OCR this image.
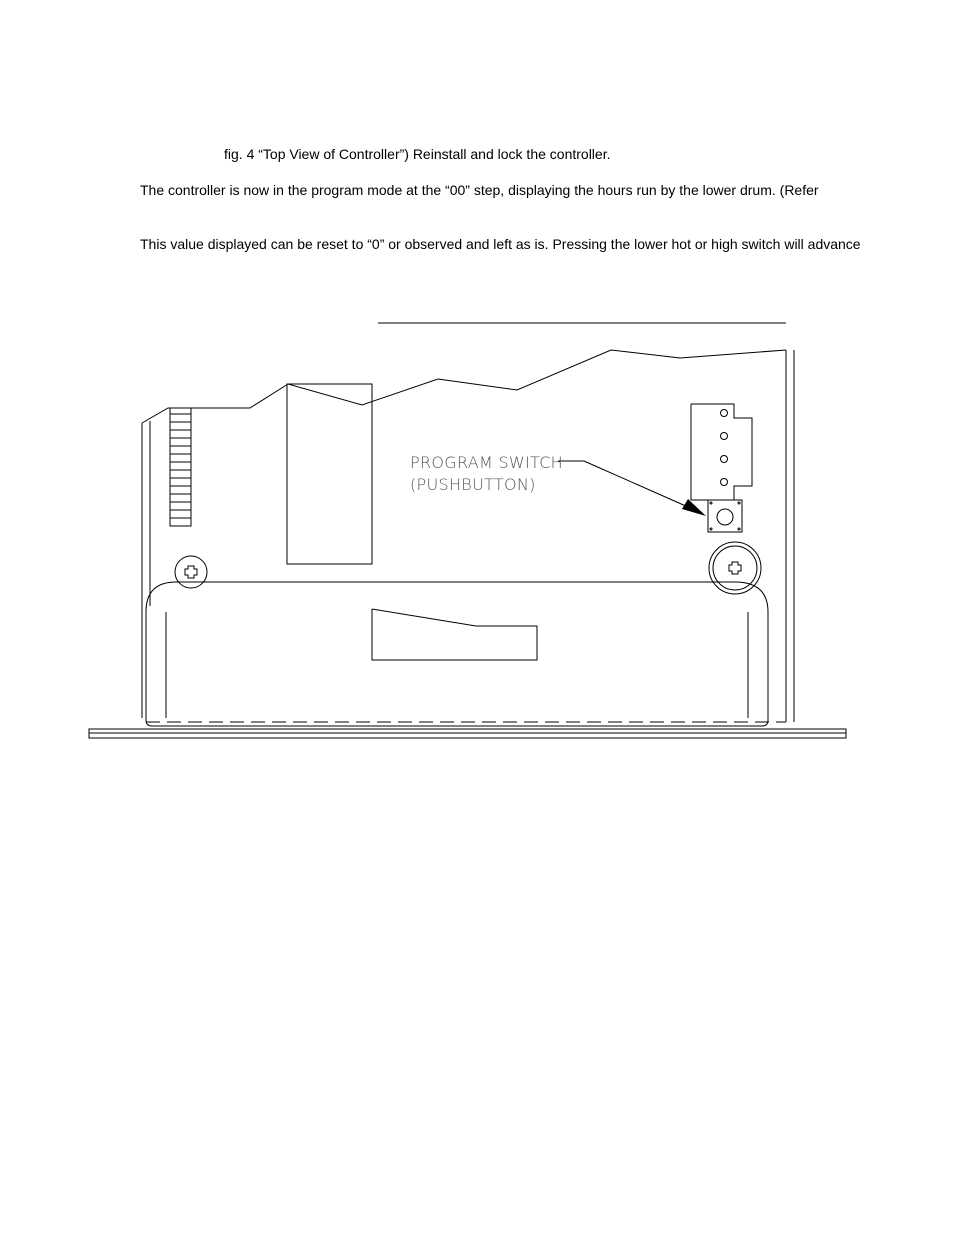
fig. 4 “Top View of Controller”) Reinstall and lock the controller.

The controller is now in the program mode at the “00” step, displaying the hours run by the lower drum. (Refer

This value displayed can be reset to “0” or observed and left as is. Pressing the lower hot or high switch will advance

PROGRAM SWITCH
(PUSHBUTTON)
